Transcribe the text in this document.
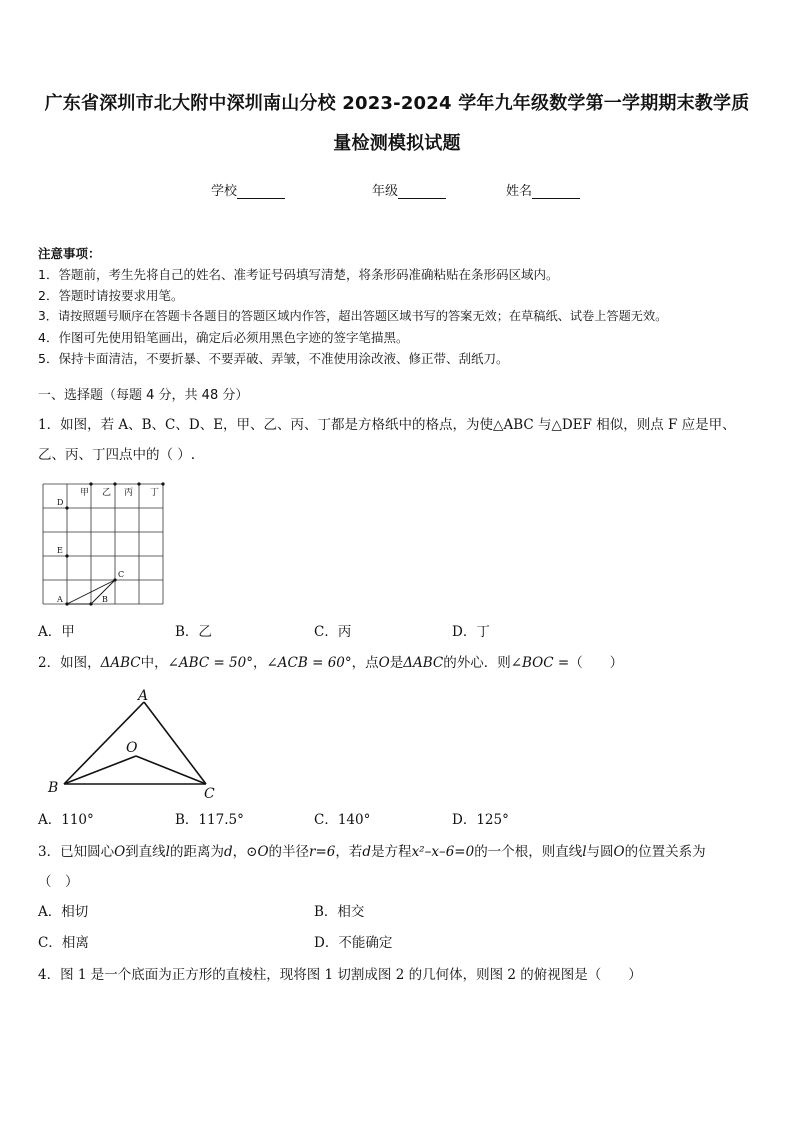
广东省深圳市北大附中深圳南山分校 2023-2024 学年九年级数学第一学期期末教学质
量检测模拟试题
学校	年级	姓名
注意事项：
1．答题前，考生先将自己的姓名、准考证号码填写清楚，将条形码准确粘贴在条形码区域内。
2．答题时请按要求用笔。
3．请按照题号顺序在答题卡各题目的答题区域内作答，超出答题区域书写的答案无效；在草稿纸、试卷上答题无效。
4．作图可先使用铅笔画出，确定后必须用黑色字迹的签字笔描黑。
5．保持卡面清洁，不要折暴、不要弄破、弄皱，不准使用涂改液、修正带、刮纸刀。
一、选择题（每题 4 分，共 48 分）
1．如图，若 A、B、C、D、E，甲、乙、丙、丁都是方格纸中的格点，为使△ABC 与△DEF 相似，则点 F 应是甲、乙、丙、丁四点中的（ ）.
甲 乙 丙 丁
D
E
A	B
C
A．甲	B．乙	C．丙	D．丁
2．如图，ΔABC中，∠ABC = 50°，∠ACB = 60°，点O是ΔABC的外心．则∠BOC =（　　）
A
O
B	C
A．110°	B．117.5°	C．140°	D．125°
3．已知圆心O到直线l的距离为d，⊙O的半径r=6，若d是方程x²–x–6=0的一个根，则直线l与圆O的位置关系为
（　）
A．相切	B．相交
C．相离	D．不能确定
4．图 1 是一个底面为正方形的直棱柱，现将图 1 切割成图 2 的几何体，则图 2 的俯视图是（　　）
